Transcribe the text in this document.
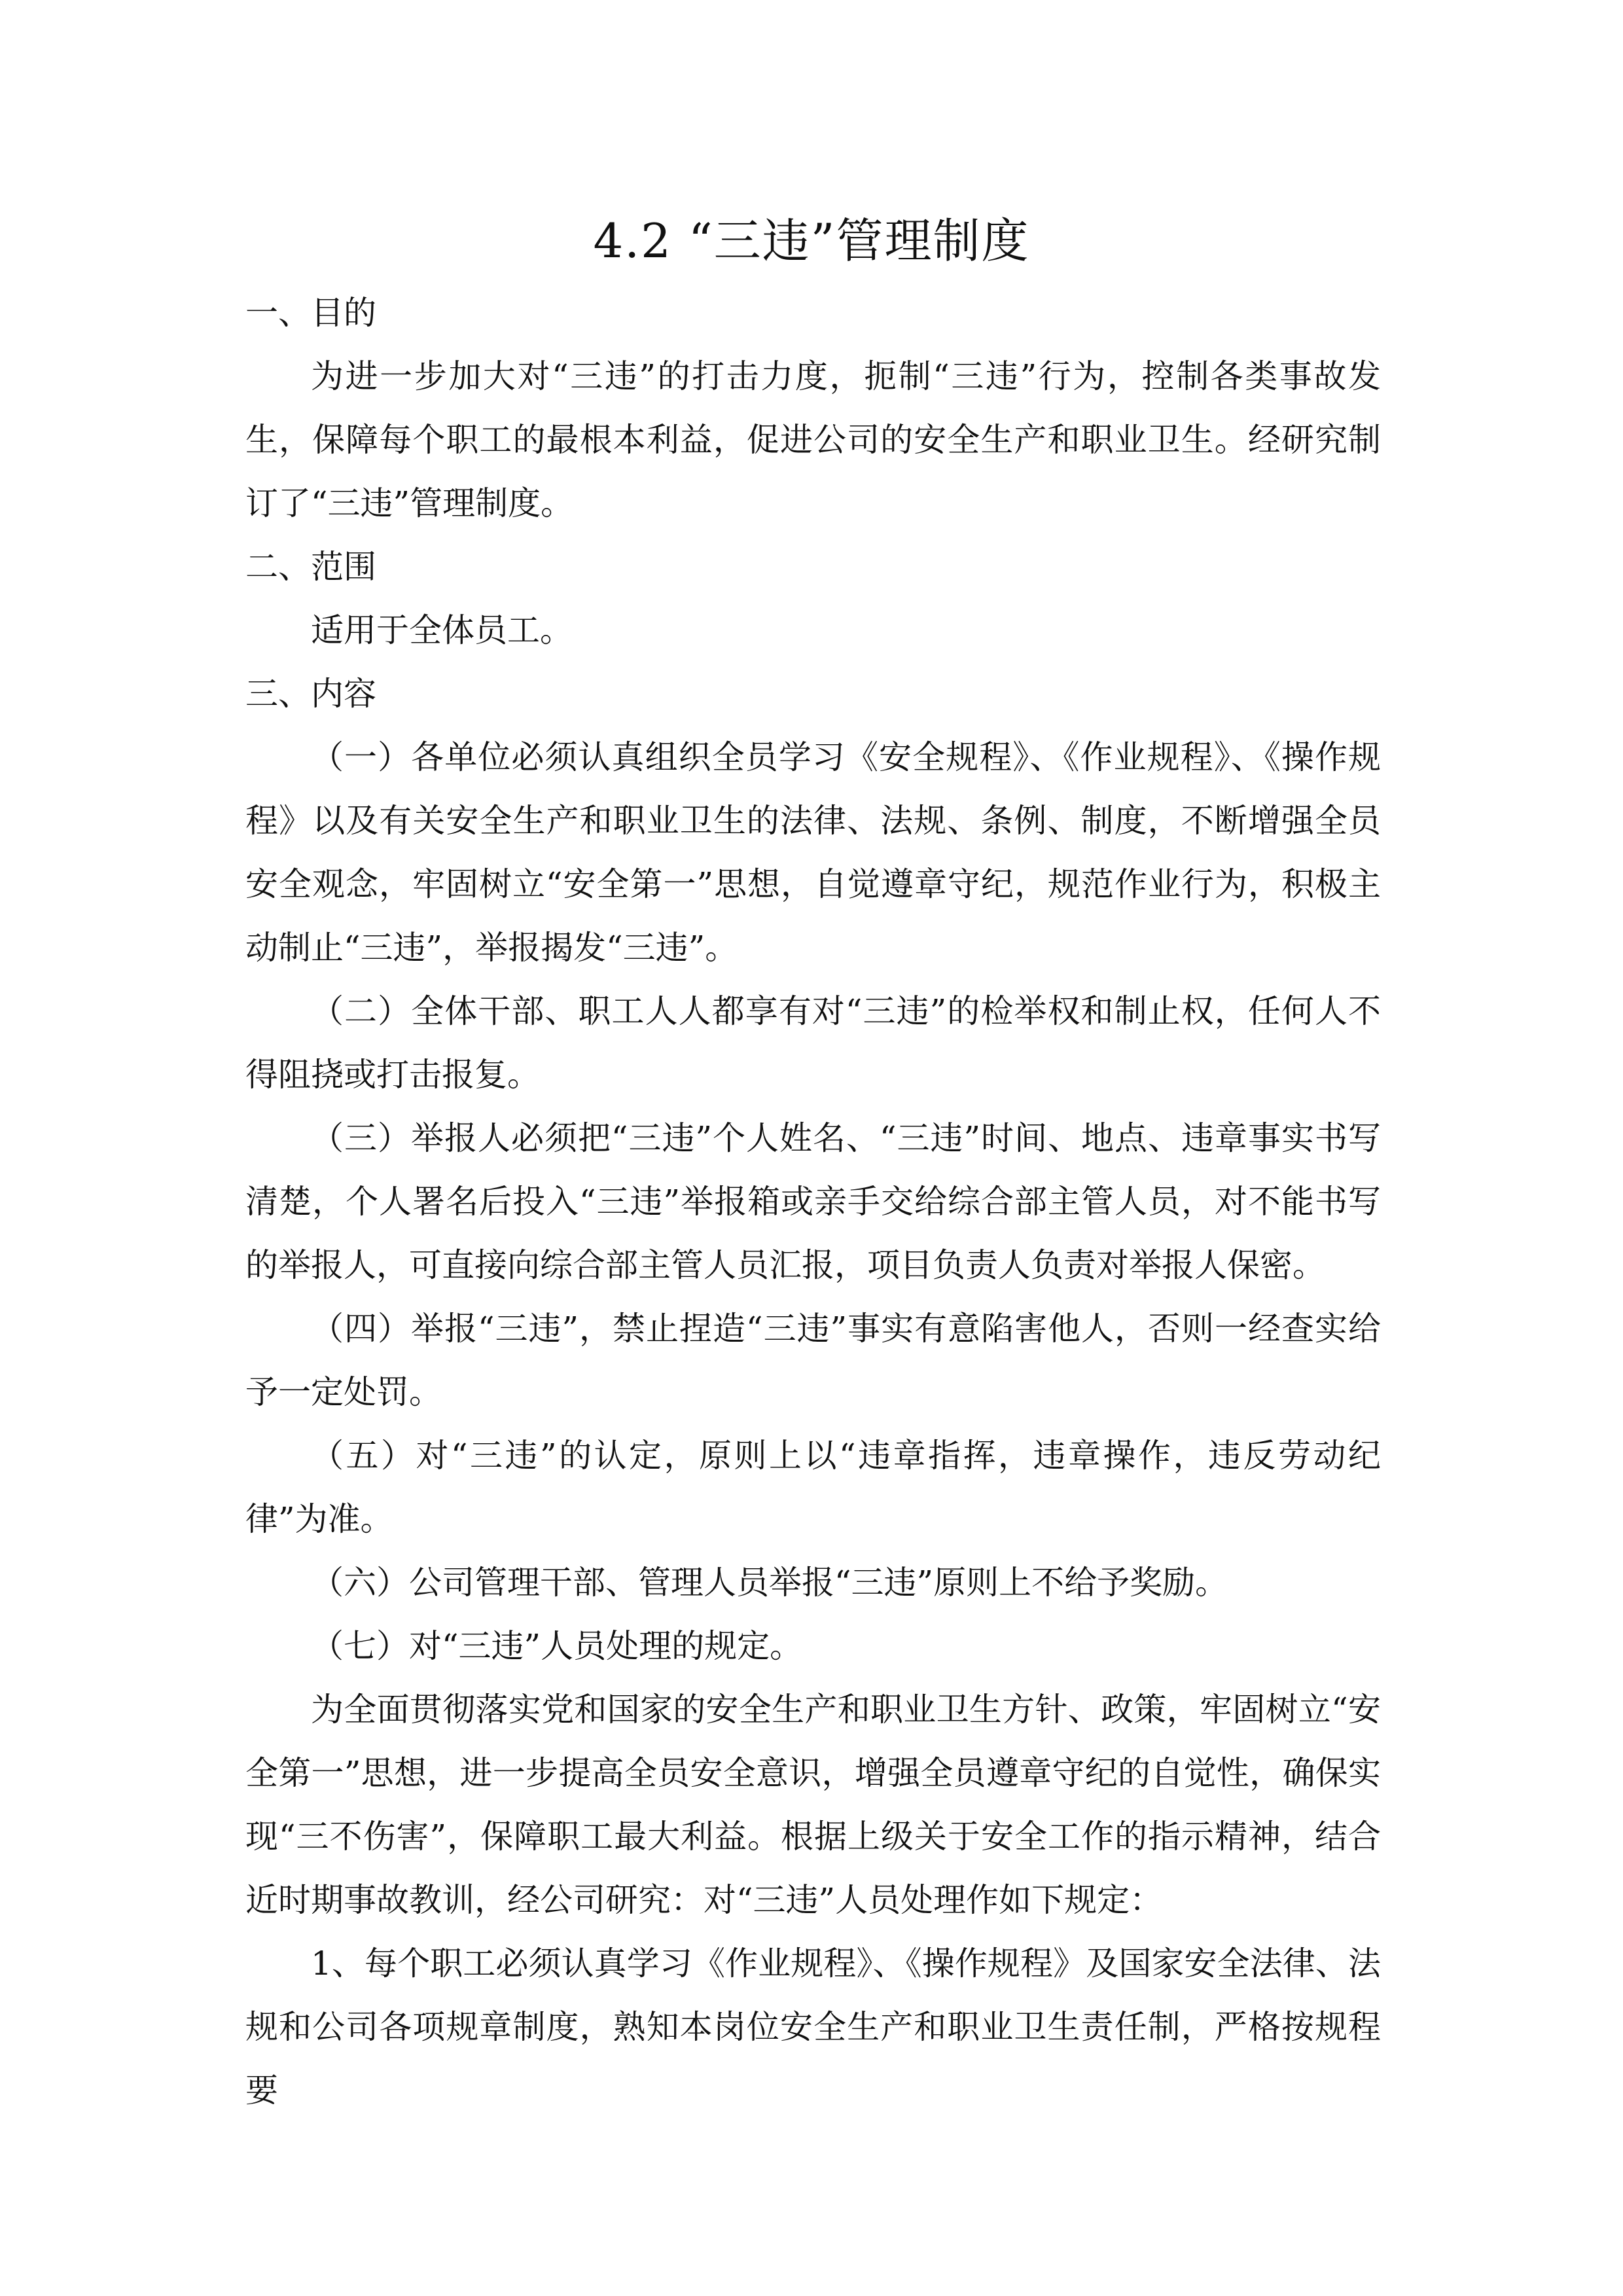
4.2 “三违”管理制度

一、目的

为进一步加大对“三违”的打击力度，扼制“三违”行为，控制各类事故发生，保障每个职工的最根本利益，促进公司的安全生产和职业卫生。经研究制订了“三违”管理制度。

二、范围

适用于全体员工。

三、内容

（一）各单位必须认真组织全员学习《安全规程》、《作业规程》、《操作规程》以及有关安全生产和职业卫生的法律、法规、条例、制度，不断增强全员安全观念，牢固树立“安全第一”思想，自觉遵章守纪，规范作业行为，积极主动制止“三违”，举报揭发“三违”。

（二）全体干部、职工人人都享有对“三违”的检举权和制止权，任何人不得阻挠或打击报复。

（三）举报人必须把“三违”个人姓名、“三违”时间、地点、违章事实书写清楚，个人署名后投入“三违”举报箱或亲手交给综合部主管人员，对不能书写的举报人，可直接向综合部主管人员汇报，项目负责人负责对举报人保密。

（四）举报“三违”，禁止捏造“三违”事实有意陷害他人，否则一经查实给予一定处罚。

（五）对“三违”的认定，原则上以“违章指挥，违章操作，违反劳动纪律”为准。

（六）公司管理干部、管理人员举报“三违”原则上不给予奖励。

（七）对“三违”人员处理的规定。

为全面贯彻落实党和国家的安全生产和职业卫生方针、政策，牢固树立“安全第一”思想，进一步提高全员安全意识，增强全员遵章守纪的自觉性，确保实现“三不伤害”，保障职工最大利益。根据上级关于安全工作的指示精神，结合近时期事故教训，经公司研究：对“三违”人员处理作如下规定：

1、每个职工必须认真学习《作业规程》、《操作规程》及国家安全法律、法规和公司各项规章制度，熟知本岗位安全生产和职业卫生责任制，严格按规程要
